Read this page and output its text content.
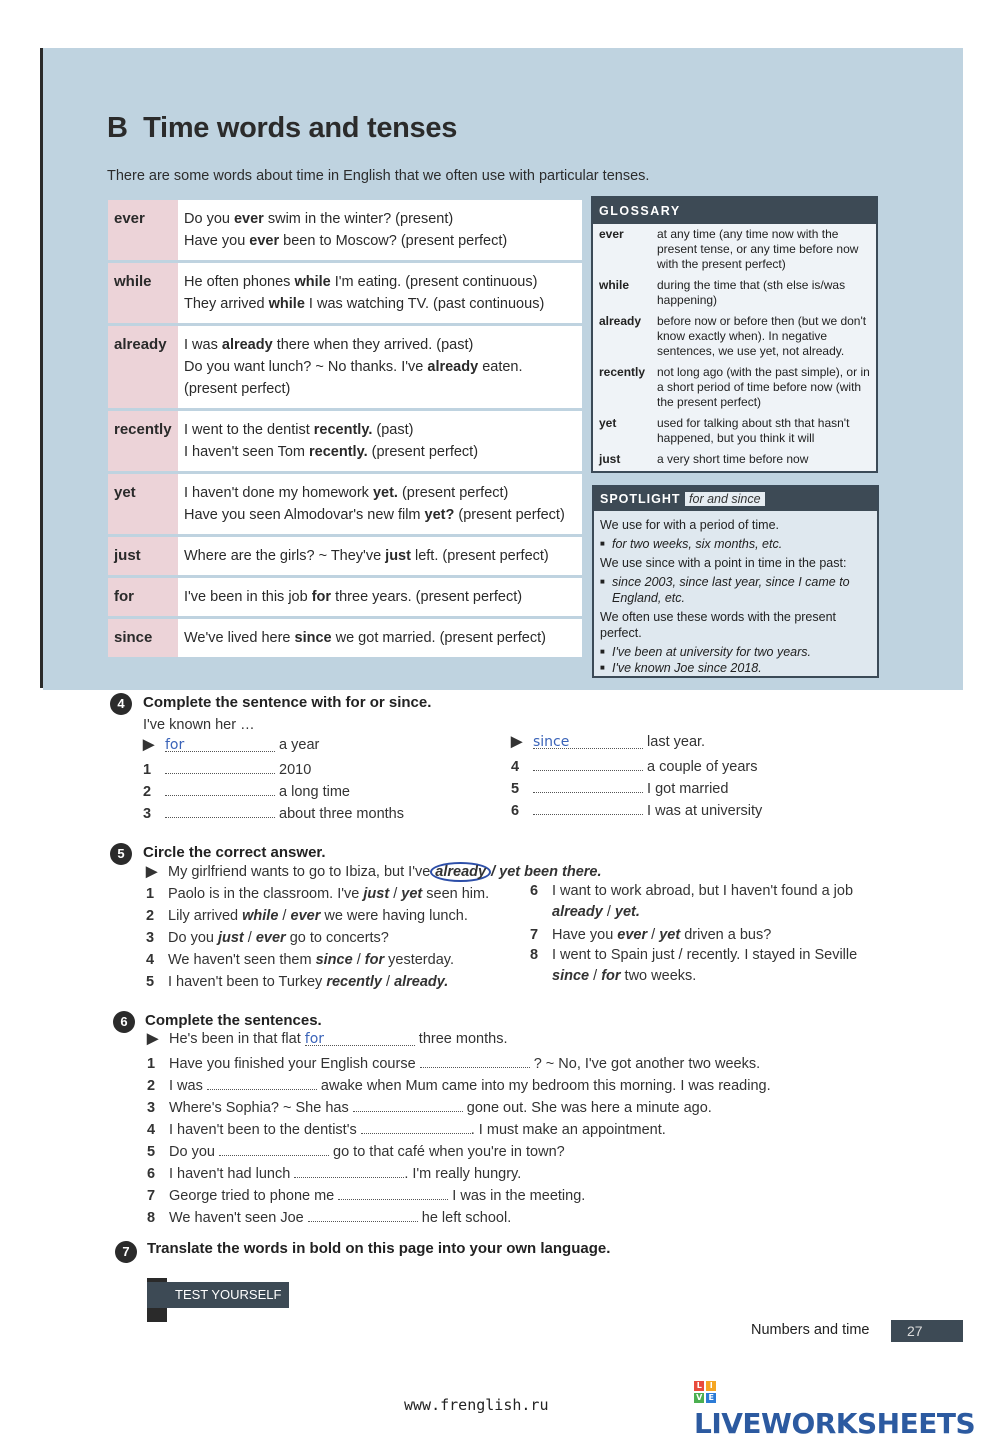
B Time words and tenses
There are some words about time in English that we often use with particular tenses.
ever	Do you ever swim in the winter? (present)
Have you ever been to Moscow? (present perfect)
while	He often phones while I'm eating. (present continuous)
They arrived while I was watching TV. (past continuous)
already	I was already there when they arrived. (past)
Do you want lunch? ~ No thanks. I've already eaten.
(present perfect)
recently I went to the dentist recently. (past)
I haven't seen Tom recently. (present perfect)
yet	I haven't done my homework yet. (present perfect)
Have you seen Almodovar's new film yet? (present perfect)
just	Where are the girls? ~ They've just left. (present perfect)
for	I've been in this job for three years. (present perfect)
since	We've lived here since we got married. (present perfect)
GLOSSARY
ever	at any time (any time now with the present tense, or any time before now with the present perfect)
while	during the time that (sth else is/was happening)
already	before now or before then (but we don't know exactly when). In negative sentences, we use yet, not already.
recently not long ago (with the past simple), or in a short period of time before now (with the present perfect)
yet	used for talking about sth that hasn't happened, but you think it will
just	a very short time before now
SPOTLIGHT for and since

We use for with a period of time.

■ for two weeks, six months, etc.

We use since with a point in time in the past:

■ since 2003, since last year, since I came to England, etc.

We often use these words with the present perfect.

■ I've been at university for two years.

■ I've known Joe since 2018.

4	Complete the sentence with for or since.
I've known her …
▶ for	a year
1	2010
2	a long time
3	about three months
▶ since	last year.
4	a couple of years
5	I got married
6	I was at university
5	Circle the correct answer.
▶ My girlfriend wants to go to Ibiza, but I've already / yet been there.
1 Paolo is in the classroom. I've just / yet seen him.
2 Lily arrived while / ever we were having lunch.
3 Do you just / ever go to concerts?
4 We haven't seen them since / for yesterday.
5 I haven't been to Turkey recently / already.
6 I want to work abroad, but I haven't found a job
already / yet.
7 Have you ever / yet driven a bus?
8 I went to Spain just / recently. I stayed in Seville
since / for two weeks.
6	Complete the sentences.
▶ He's been in that flat for	three months.
1 Have you finished your English course	? ~ No, I've got another two weeks.
2 I was	awake when Mum came into my bedroom this morning. I was reading.
3 Where's Sophia? ~ She has	gone out. She was here a minute ago.
4 I haven't been to the dentist's	. I must make an appointment.
5 Do you	go to that café when you're in town?
6 I haven't had lunch	. I'm really hungry.
7 George tried to phone me	I was in the meeting.
8 We haven't seen Joe	he left school.
7	Translate the words in bold on this page into your own language.
TEST YOURSELF
Numbers and time	27
www.frenglish.ru
L	I
V E
LIVEWORKSHEETS
